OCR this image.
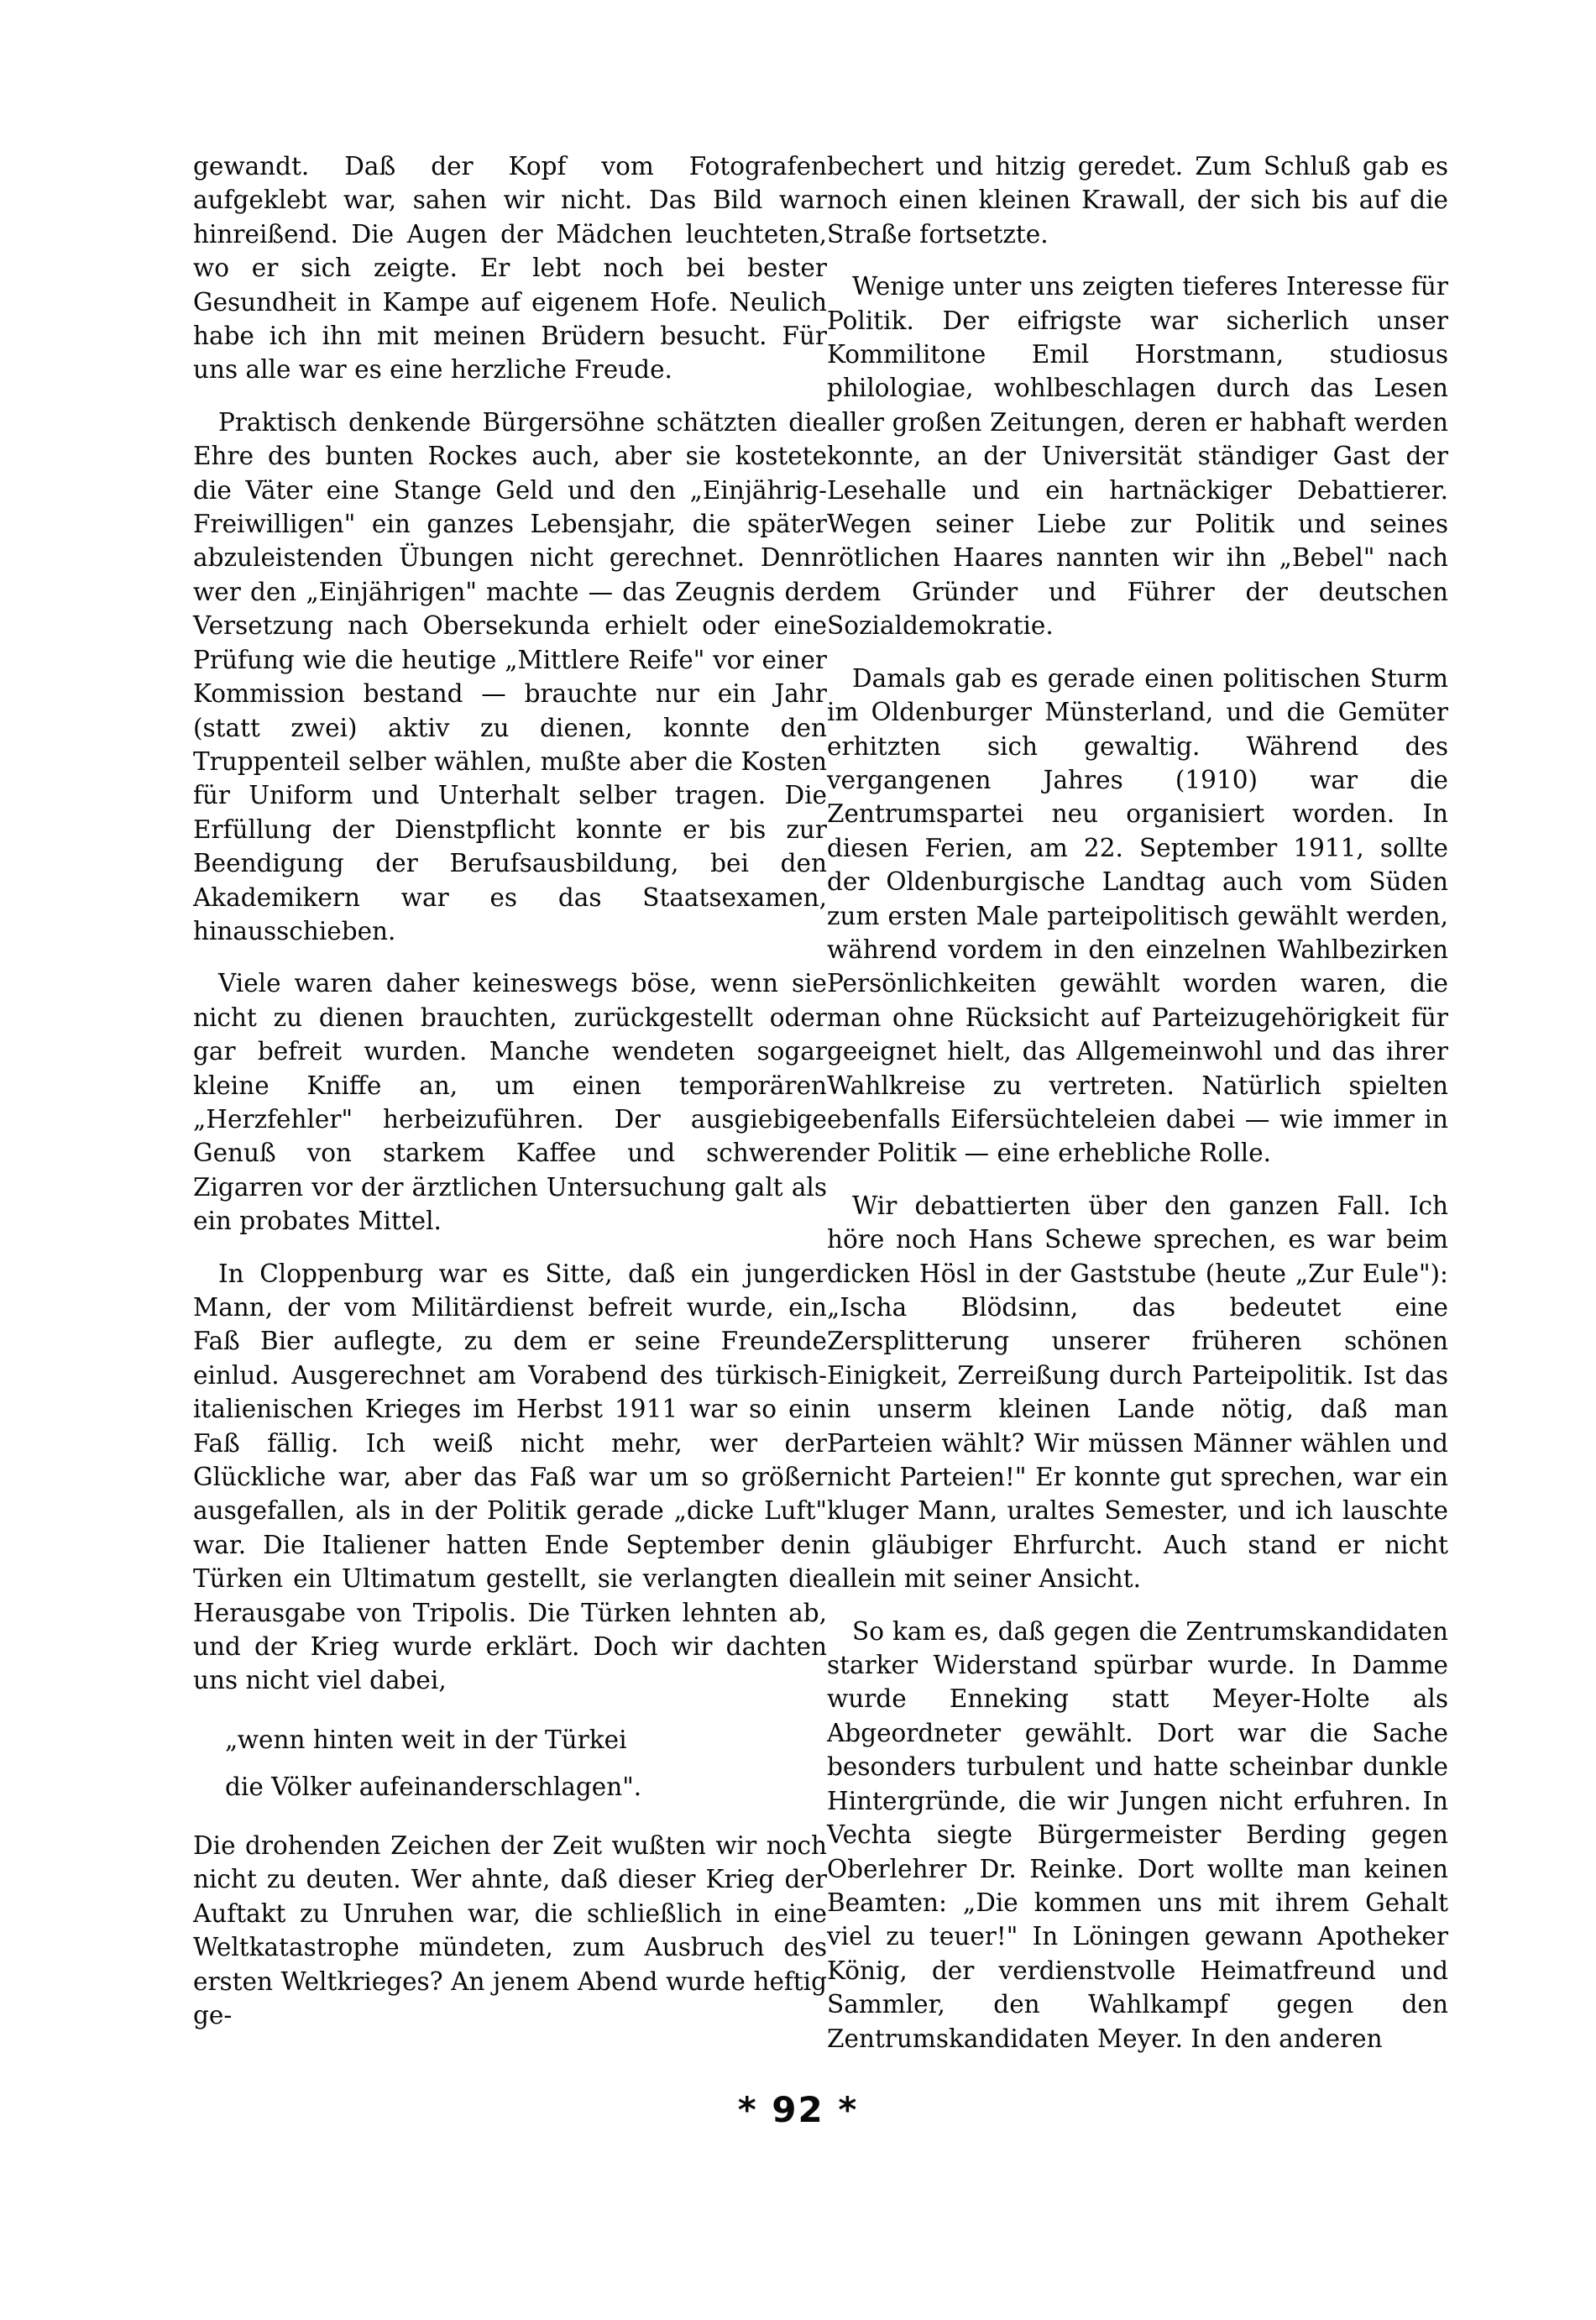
gewandt. Daß der Kopf vom Fotografen aufgeklebt war, sahen wir nicht. Das Bild war hinreißend. Die Augen der Mädchen leuchteten, wo er sich zeigte. Er lebt noch bei bester Gesundheit in Kampe auf eigenem Hofe. Neulich habe ich ihn mit meinen Brüdern besucht. Für uns alle war es eine herzliche Freude.

Praktisch denkende Bürgersöhne schätzten die Ehre des bunten Rockes auch, aber sie kostete die Väter eine Stange Geld und den „Einjährig-Freiwilligen" ein ganzes Lebensjahr, die später abzuleistenden Übungen nicht gerechnet. Denn wer den „Einjährigen" machte — das Zeugnis der Versetzung nach Obersekunda erhielt oder eine Prüfung wie die heutige „Mittlere Reife" vor einer Kommission bestand — brauchte nur ein Jahr (statt zwei) aktiv zu dienen, konnte den Truppenteil selber wählen, mußte aber die Kosten für Uniform und Unterhalt selber tragen. Die Erfüllung der Dienstpflicht konnte er bis zur Beendigung der Berufsausbildung, bei den Akademikern war es das Staatsexamen, hinausschieben.

Viele waren daher keineswegs böse, wenn sie nicht zu dienen brauchten, zurückgestellt oder gar befreit wurden. Manche wendeten sogar kleine Kniffe an, um einen temporären „Herzfehler" herbeizuführen. Der ausgiebige Genuß von starkem Kaffee und schweren Zigarren vor der ärztlichen Untersuchung galt als ein probates Mittel.

In Cloppenburg war es Sitte, daß ein junger Mann, der vom Militärdienst befreit wurde, ein Faß Bier auflegte, zu dem er seine Freunde einlud. Ausgerechnet am Vorabend des türkisch-italienischen Krieges im Herbst 1911 war so ein Faß fällig. Ich weiß nicht mehr, wer der Glückliche war, aber das Faß war um so größer ausgefallen, als in der Politik gerade „dicke Luft" war. Die Italiener hatten Ende September den Türken ein Ultimatum gestellt, sie verlangten die Herausgabe von Tripolis. Die Türken lehnten ab, und der Krieg wurde erklärt. Doch wir dachten uns nicht viel dabei,

„wenn hinten weit in der Türkei
die Völker aufeinanderschlagen".

Die drohenden Zeichen der Zeit wußten wir noch nicht zu deuten. Wer ahnte, daß dieser Krieg der Auftakt zu Unruhen war, die schließlich in eine Weltkatastrophe mündeten, zum Ausbruch des ersten Weltkrieges? An jenem Abend wurde heftig ge-

bechert und hitzig geredet. Zum Schluß gab es noch einen kleinen Krawall, der sich bis auf die Straße fortsetzte.

Wenige unter uns zeigten tieferes Interesse für Politik. Der eifrigste war sicherlich unser Kommilitone Emil Horstmann, studiosus philologiae, wohlbeschlagen durch das Lesen aller großen Zeitungen, deren er habhaft werden konnte, an der Universität ständiger Gast der Lesehalle und ein hartnäckiger Debattierer. Wegen seiner Liebe zur Politik und seines rötlichen Haares nannten wir ihn „Bebel" nach dem Gründer und Führer der deutschen Sozialdemokratie.

Damals gab es gerade einen politischen Sturm im Oldenburger Münsterland, und die Gemüter erhitzten sich gewaltig. Während des vergangenen Jahres (1910) war die Zentrumspartei neu organisiert worden. In diesen Ferien, am 22. September 1911, sollte der Oldenburgische Landtag auch vom Süden zum ersten Male parteipolitisch gewählt werden, während vordem in den einzelnen Wahlbezirken Persönlichkeiten gewählt worden waren, die man ohne Rücksicht auf Parteizugehörigkeit für geeignet hielt, das Allgemeinwohl und das ihrer Wahlkreise zu vertreten. Natürlich spielten ebenfalls Eifersüchteleien dabei — wie immer in der Politik — eine erhebliche Rolle.

Wir debattierten über den ganzen Fall. Ich höre noch Hans Schewe sprechen, es war beim dicken Hösl in der Gaststube (heute „Zur Eule"): „Ischa Blödsinn, das bedeutet eine Zersplitterung unserer früheren schönen Einigkeit, Zerreißung durch Parteipolitik. Ist das in unserm kleinen Lande nötig, daß man Parteien wählt? Wir müssen Männer wählen und nicht Parteien!" Er konnte gut sprechen, war ein kluger Mann, uraltes Semester, und ich lauschte in gläubiger Ehrfurcht. Auch stand er nicht allein mit seiner Ansicht.

So kam es, daß gegen die Zentrumskandidaten starker Widerstand spürbar wurde. In Damme wurde Enneking statt Meyer-Holte als Abgeordneter gewählt. Dort war die Sache besonders turbulent und hatte scheinbar dunkle Hintergründe, die wir Jungen nicht erfuhren. In Vechta siegte Bürgermeister Berding gegen Oberlehrer Dr. Reinke. Dort wollte man keinen Beamten: „Die kommen uns mit ihrem Gehalt viel zu teuer!" In Löningen gewann Apotheker König, der verdienstvolle Heimatfreund und Sammler, den Wahlkampf gegen den Zentrumskandidaten Meyer. In den anderen

* 92 *
